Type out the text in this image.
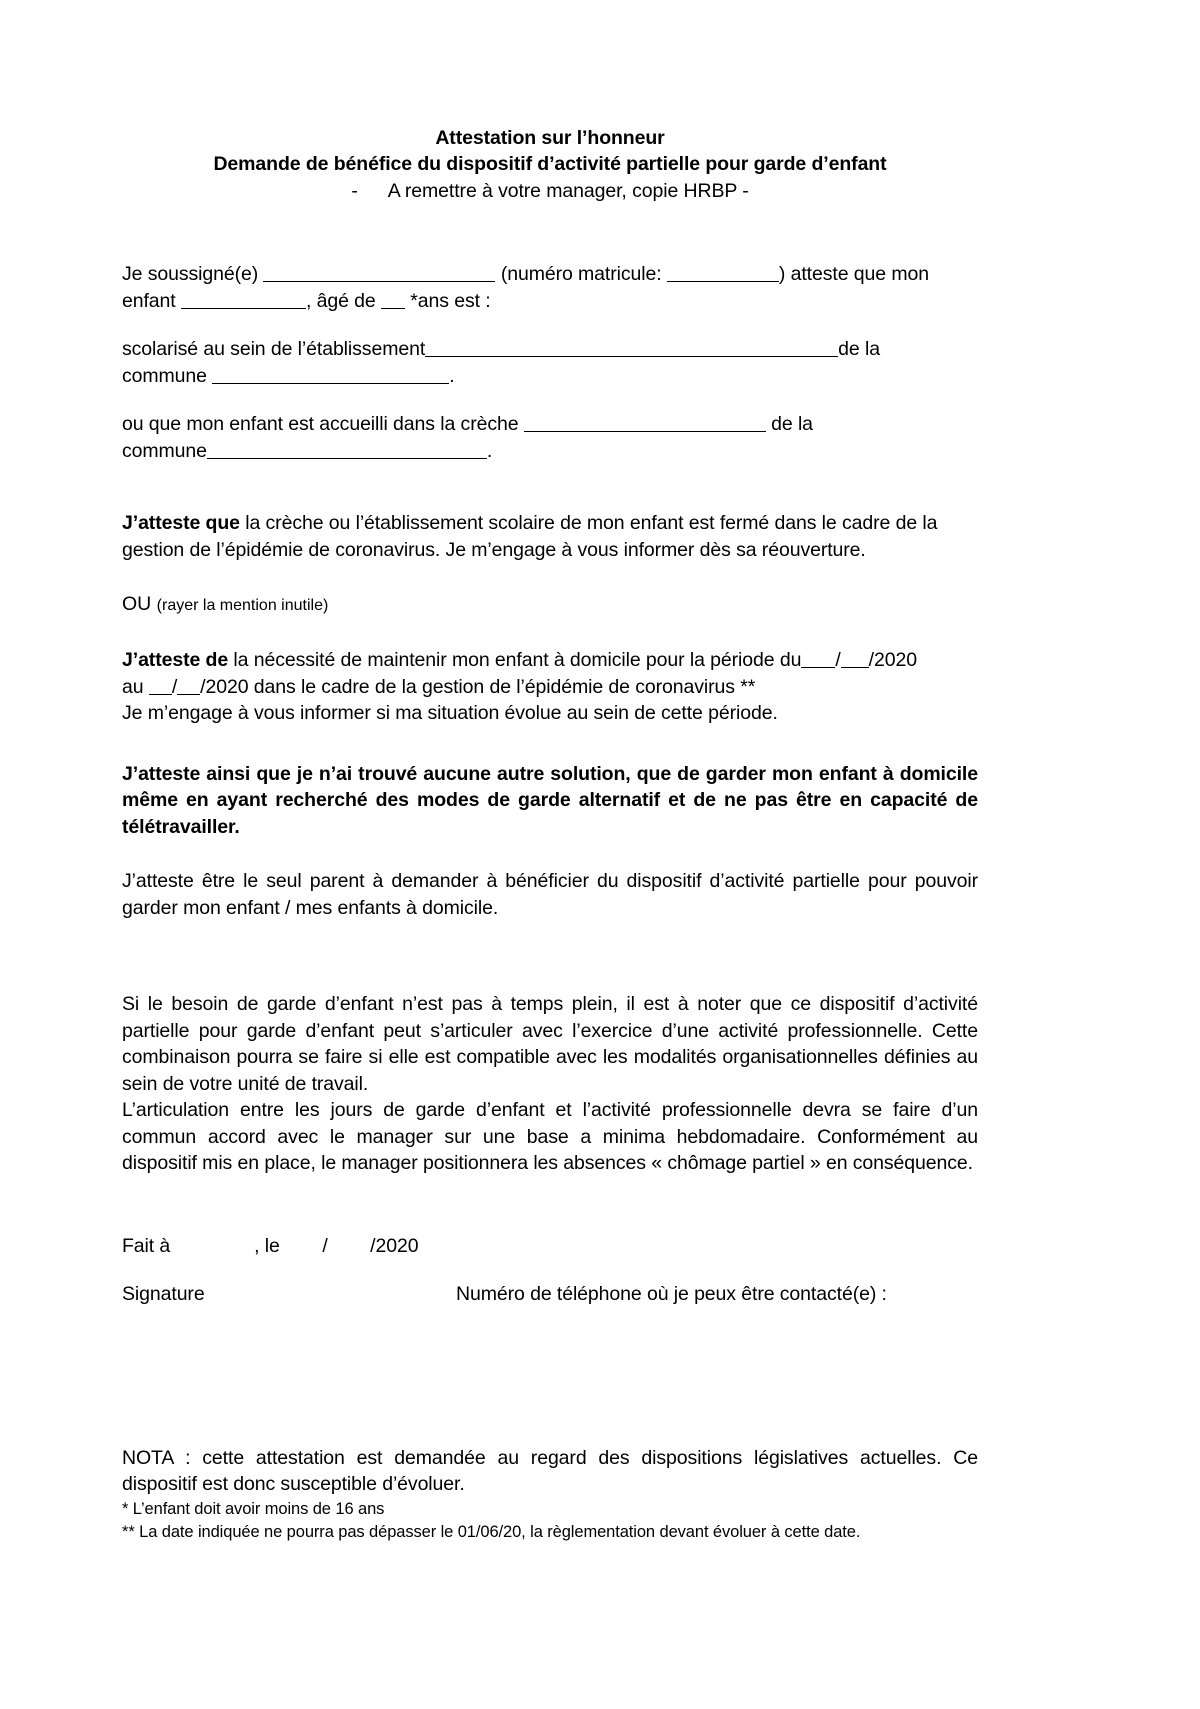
Attestation sur l’honneur
Demande de bénéfice du dispositif d’activité partielle pour garde d’enfant
- A remettre à votre manager, copie HRBP -
Je soussigné(e)	(numéro matricule:	) atteste que mon
enfant	, âgé de *ans est :
scolarisé au sein de l’établissement	de la
commune	.
ou que mon enfant est accueilli dans la crèche	de la
commune	.
J’atteste que la crèche ou l’établissement scolaire de mon enfant est fermé dans le cadre de la gestion de l’épidémie de coronavirus. Je m’engage à vous informer dès sa réouverture.
OU (rayer la mention inutile)
J’atteste de la nécessité de maintenir mon enfant à domicile pour la période du / /2020
au / /2020 dans le cadre de la gestion de l’épidémie de coronavirus **
Je m’engage à vous informer si ma situation évolue au sein de cette période.
J’atteste ainsi que je n’ai trouvé aucune autre solution, que de garder mon enfant à domicile même en ayant recherché des modes de garde alternatif et de ne pas être en capacité de télétravailler.
J’atteste être le seul parent à demander à bénéficier du dispositif d’activité partielle pour pouvoir garder mon enfant / mes enfants à domicile.
Si le besoin de garde d’enfant n’est pas à temps plein, il est à noter que ce dispositif d’activité partielle pour garde d’enfant peut s’articuler avec l’exercice d’une activité professionnelle. Cette combinaison pourra se faire si elle est compatible avec les modalités organisationnelles définies au sein de votre unité de travail.
L’articulation entre les jours de garde d’enfant et l’activité professionnelle devra se faire d’un commun accord avec le manager sur une base a minima hebdomadaire. Conformément au dispositif mis en place, le manager positionnera les absences « chômage partiel » en conséquence.
Fait à	, le        /        /2020
Signature	Numéro de téléphone où je peux être contacté(e) :
NOTA : cette attestation est demandée au regard des dispositions législatives actuelles. Ce dispositif est donc susceptible d’évoluer.
* L’enfant doit avoir moins de 16 ans
** La date indiquée ne pourra pas dépasser le 01/06/20, la règlementation devant évoluer à cette date.
